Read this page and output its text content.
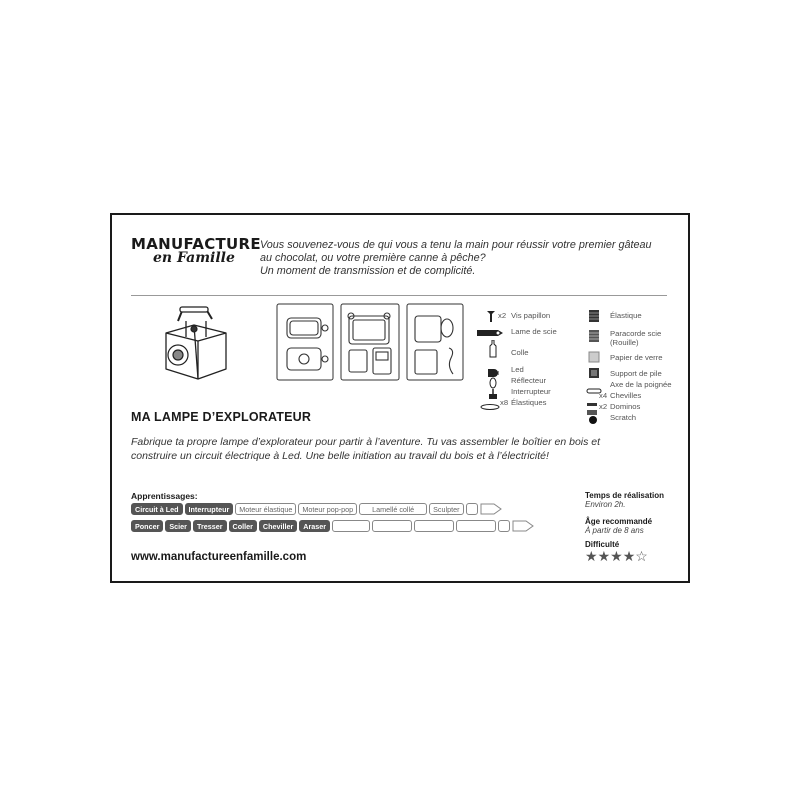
MANUFACTURE
en Famille
Vous souvenez-vous de qui vous a tenu la main pour réussir votre premier gâteau
au chocolat, ou votre première canne à pêche?
Un moment de transmission et de complicité.
x2 Vis papillon
Lame de scie
Colle
Led
Réflecteur
Interrupteur
x8 Élastiques
Élastique
Paracorde scie
(Rouille)
Papier de verre
Support de pile
Axe de la poignée
x4 Chevilles
x2 Dominos
Scratch
MA LAMPE D’EXPLORATEUR
Fabrique ta propre lampe d’explorateur pour partir à l’aventure. Tu vas assembler le boîtier en bois et
construire un circuit électrique à Led. Une belle initiation au travail du bois et à l’électricité!
Apprentissages:
Circuit à Led	Interrupteur	Moteur élastique	Moteur pop-pop	Lamellé collé	Sculpter
Poncer	Scier	Tresser	Coller	Cheviller	Araser
www.manufactureenfamille.com
Temps de réalisation
Environ 2h.
Âge recommandé
À partir de 8 ans
Difficulté
★★★★☆
